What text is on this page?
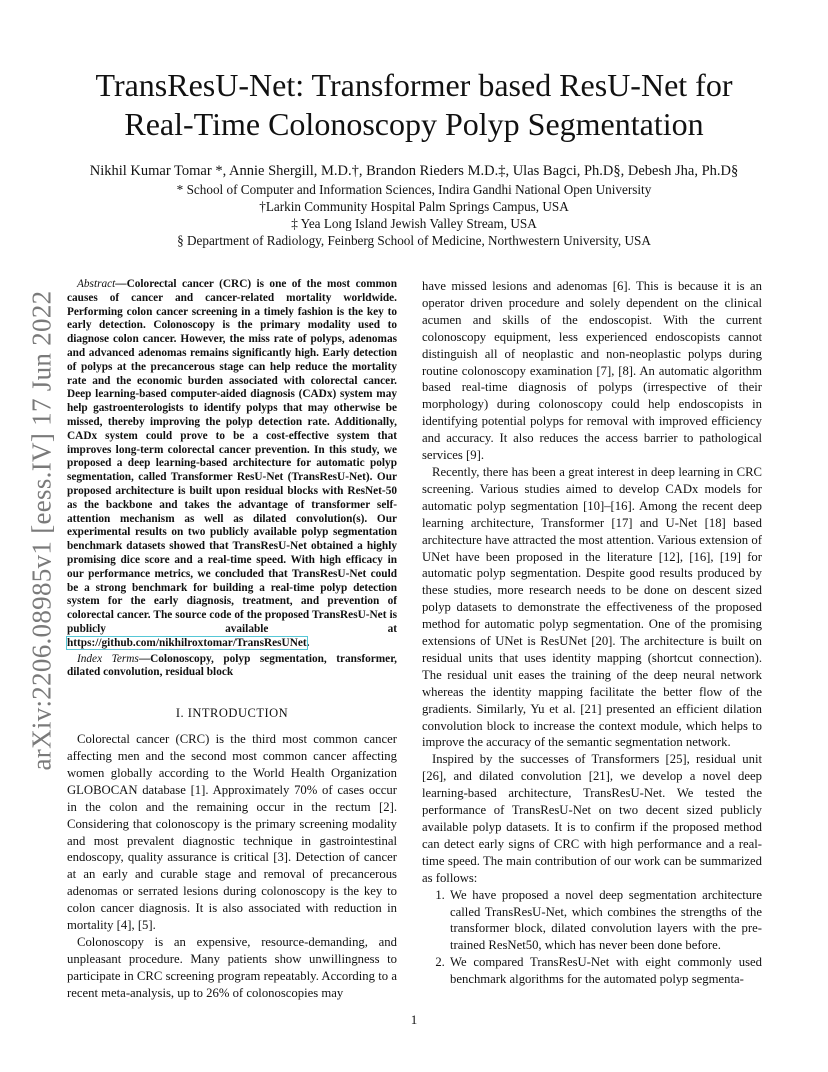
arXiv:2206.08985v1 [eess.IV] 17 Jun 2022
TransResU-Net: Transformer based ResU-Net for
Real-Time Colonoscopy Polyp Segmentation
Nikhil Kumar Tomar *, Annie Shergill, M.D.†, Brandon Rieders M.D.‡, Ulas Bagci, Ph.D§, Debesh Jha, Ph.D§
* School of Computer and Information Sciences, Indira Gandhi National Open University
†Larkin Community Hospital Palm Springs Campus, USA
‡ Yea Long Island Jewish Valley Stream, USA
§ Department of Radiology, Feinberg School of Medicine, Northwestern University, USA

Abstract—Colorectal cancer (CRC) is one of the most common causes of cancer and cancer-related mortality worldwide. Performing colon cancer screening in a timely fashion is the key to early detection. Colonoscopy is the primary modality used to diagnose colon cancer. However, the miss rate of polyps, adenomas and advanced adenomas remains significantly high. Early detection of polyps at the precancerous stage can help reduce the mortality rate and the economic burden associated with colorectal cancer. Deep learning-based computer-aided diagnosis (CADx) system may help gastroenterologists to identify polyps that may otherwise be missed, thereby improving the polyp detection rate. Additionally, CADx system could prove to be a cost-effective system that improves long-term colorectal cancer prevention. In this study, we proposed a deep learning-based architecture for automatic polyp segmentation, called Transformer ResU-Net (TransResU-Net). Our proposed architecture is built upon residual blocks with ResNet-50 as the backbone and takes the advantage of transformer self-attention mechanism as well as dilated convolution(s). Our experimental results on two publicly available polyp segmentation benchmark datasets showed that TransResU-Net obtained a highly promising dice score and a real-time speed. With high efficacy in our performance metrics, we concluded that TransResU-Net could be a strong benchmark for building a real-time polyp detection system for the early diagnosis, treatment, and prevention of colorectal cancer. The source code of the proposed TransResU-Net is publicly available at https://github.com/nikhilroxtomar/TransResUNet.

Index Terms—Colonoscopy, polyp segmentation, transformer, dilated convolution, residual block

I. INTRODUCTION

Colorectal cancer (CRC) is the third most common cancer affecting men and the second most common cancer affecting women globally according to the World Health Organization GLOBOCAN database [1]. Approximately 70% of cases occur in the colon and the remaining occur in the rectum [2]. Considering that colonoscopy is the primary screening modality and most prevalent diagnostic technique in gastrointestinal endoscopy, quality assurance is critical [3]. Detection of cancer at an early and curable stage and removal of precancerous adenomas or serrated lesions during colonoscopy is the key to colon cancer diagnosis. It is also associated with reduction in mortality [4], [5].

Colonoscopy is an expensive, resource-demanding, and unpleasant procedure. Many patients show unwillingness to participate in CRC screening program repeatably. According to a recent meta-analysis, up to 26% of colonoscopies may

have missed lesions and adenomas [6]. This is because it is an operator driven procedure and solely dependent on the clinical acumen and skills of the endoscopist. With the current colonoscopy equipment, less experienced endoscopists cannot distinguish all of neoplastic and non-neoplastic polyps during routine colonoscopy examination [7], [8]. An automatic algorithm based real-time diagnosis of polyps (irrespective of their morphology) during colonoscopy could help endoscopists in identifying potential polyps for removal with improved efficiency and accuracy. It also reduces the access barrier to pathological services [9].

Recently, there has been a great interest in deep learning in CRC screening. Various studies aimed to develop CADx models for automatic polyp segmentation [10]–[16]. Among the recent deep learning architecture, Transformer [17] and U-Net [18] based architecture have attracted the most attention. Various extension of UNet have been proposed in the literature [12], [16], [19] for automatic polyp segmentation. Despite good results produced by these studies, more research needs to be done on descent sized polyp datasets to demonstrate the effectiveness of the proposed method for automatic polyp segmentation. One of the promising extensions of UNet is ResUNet [20]. The architecture is built on residual units that uses identity mapping (shortcut connection). The residual unit eases the training of the deep neural network whereas the identity mapping facilitate the better flow of the gradients. Similarly, Yu et al. [21] presented an efficient dilation convolution block to increase the context module, which helps to improve the accuracy of the semantic segmentation network.

Inspired by the successes of Transformers [25], residual unit [26], and dilated convolution [21], we develop a novel deep learning-based architecture, TransResU-Net. We tested the performance of TransResU-Net on two decent sized publicly available polyp datasets. It is to confirm if the proposed method can detect early signs of CRC with high performance and a real-time speed. The main contribution of our work can be summarized as follows:

1. We have proposed a novel deep segmentation architecture called TransResU-Net, which combines the strengths of the transformer block, dilated convolution layers with the pre-trained ResNet50, which has never been done before.
2. We compared TransResU-Net with eight commonly used benchmark algorithms for the automated polyp segmenta-
1
